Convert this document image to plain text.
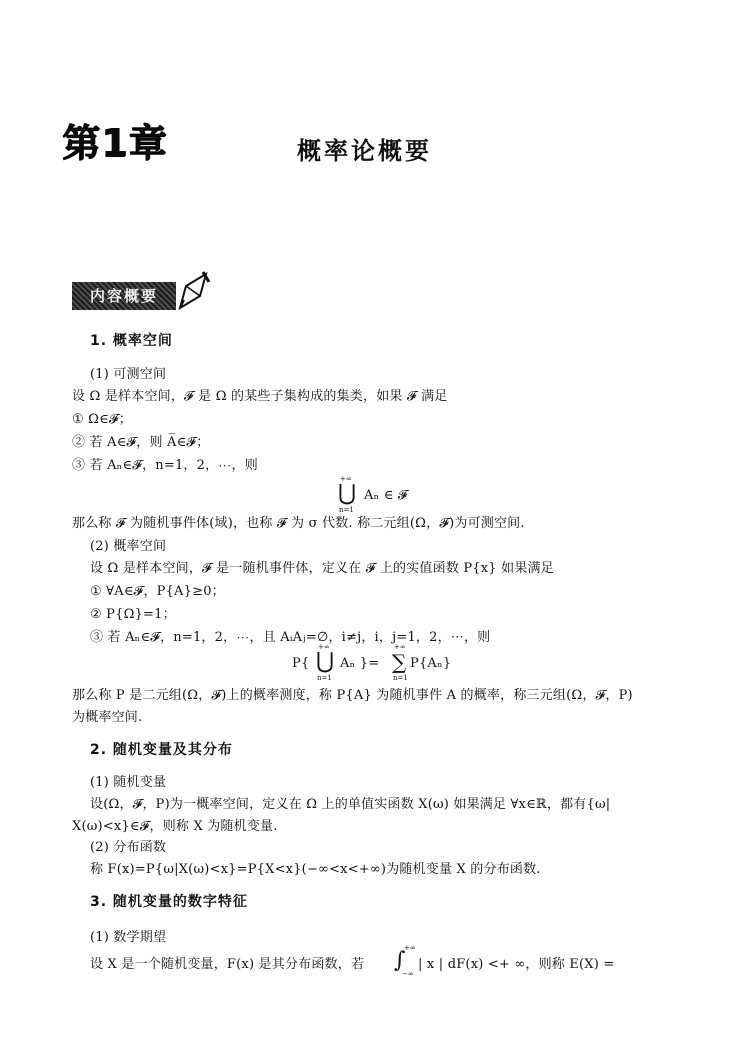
第1章	概率论概要
内容概要
1. 概率空间
(1) 可测空间
设 Ω 是样本空间，𝓕 是 Ω 的某些子集构成的集类，如果 𝓕 满足
① Ω∈𝓕；
② 若 A∈𝓕，则 A̅∈𝓕；
③ 若 Aₙ∈𝓕，n=1，2，⋯，则
+∞
⋃
n=1
Aₙ ∈ 𝓕
那么称 𝓕 为随机事件体(域)，也称 𝓕 为 σ 代数. 称二元组(Ω，𝓕)为可测空间.
(2) 概率空间
设 Ω 是样本空间，𝓕 是一随机事件体，定义在 𝓕 上的实值函数 P{x} 如果满足
① ∀A∈𝓕，P{A}≥0；
② P{Ω}=1；
③ 若 Aₙ∈𝓕，n=1，2，⋯，且 AᵢAⱼ=∅，i≠j，i，j=1，2，⋯，则
P{
+∞
⋃
n=1
Aₙ }=
+∞
∑
n=1
P{Aₙ}
那么称 P 是二元组(Ω，𝓕)上的概率测度，称 P{A} 为随机事件 A 的概率，称三元组(Ω，𝓕，P)
为概率空间.
2. 随机变量及其分布
(1) 随机变量
设(Ω，𝓕，P)为一概率空间，定义在 Ω 上的单值实函数 X(ω) 如果满足 ∀x∈ℝ，都有{ω|
X(ω)<x}∈𝓕，则称 X 为随机变量.
(2) 分布函数
称 F(x)=P{ω|X(ω)<x}=P{X<x}(−∞<x<+∞)为随机变量 X 的分布函数.
3. 随机变量的数字特征
(1) 数学期望
设 X 是一个随机变量，F(x) 是其分布函数，若
+∞
∫
−∞
| x | dF(x) <+ ∞，则称 E(X) =
